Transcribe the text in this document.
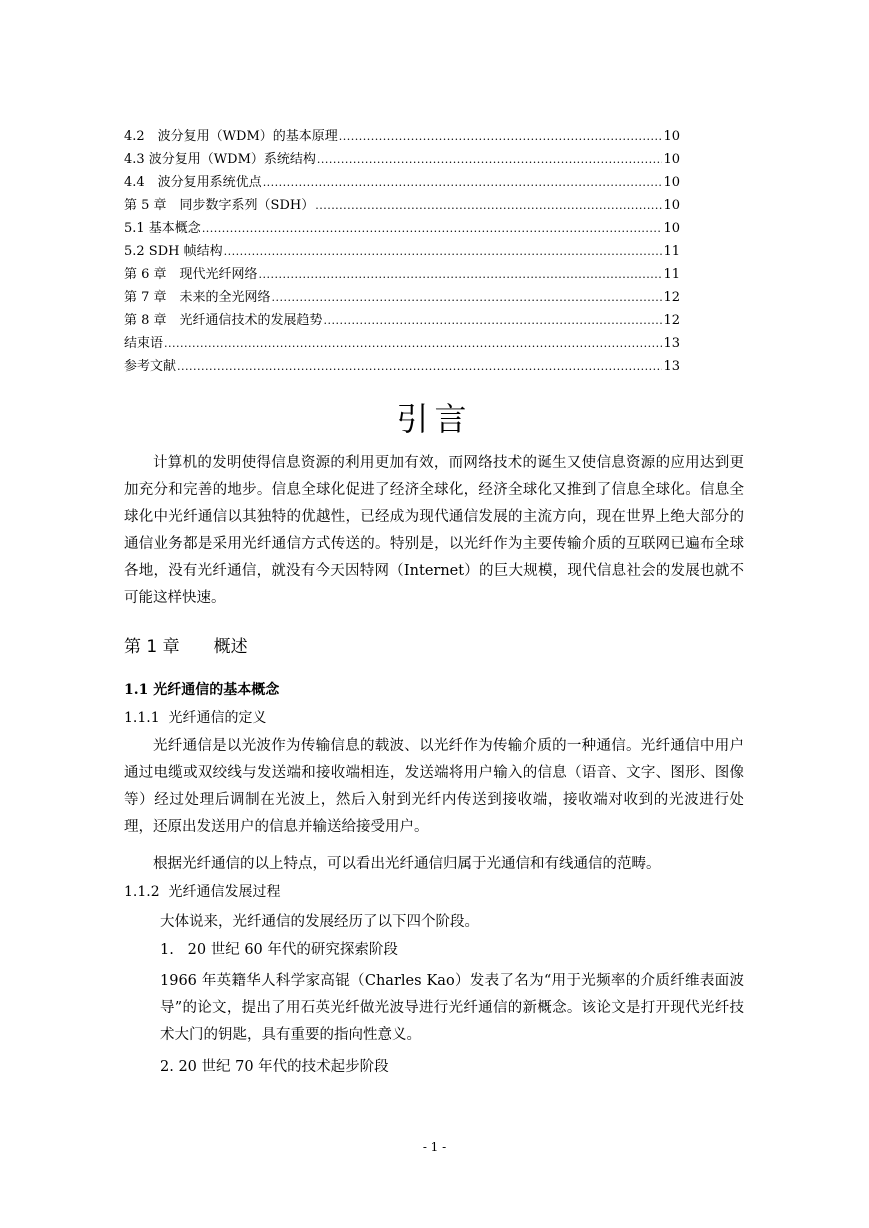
4.2　波分复用（WDM）的基本原理 .....	10
4.3 波分复用（WDM）系统结构 .....	10
4.4　波分复用系统优点 .....	10
第 5 章　同步数字系列（SDH） .....	10
5.1 基本概念 .....	10
5.2 SDH 帧结构 .....	11
第 6 章　现代光纤网络 .....	11
第 7 章　未来的全光网络 .....	12
第 8 章　光纤通信技术的发展趋势 .....	12
结束语 .....	13
参考文献 .....	13
引言
计算机的发明使得信息资源的利用更加有效，而网络技术的诞生又使信息资源的应用达到更加充分和完善的地步。信息全球化促进了经济全球化，经济全球化又推到了信息全球化。信息全球化中光纤通信以其独特的优越性，已经成为现代通信发展的主流方向，现在世界上绝大部分的通信业务都是采用光纤通信方式传送的。特别是，以光纤作为主要传输介质的互联网已遍布全球各地，没有光纤通信，就没有今天因特网（Internet）的巨大规模，现代信息社会的发展也就不可能这样快速。
第 1 章　　概述
1.1 光纤通信的基本概念
1.1.1  光纤通信的定义
光纤通信是以光波作为传输信息的载波、以光纤作为传输介质的一种通信。光纤通信中用户通过电缆或双绞线与发送端和接收端相连，发送端将用户输入的信息（语音、文字、图形、图像等）经过处理后调制在光波上，然后入射到光纤内传送到接收端，接收端对收到的光波进行处理，还原出发送用户的信息并输送给接受用户。
根据光纤通信的以上特点，可以看出光纤通信归属于光通信和有线通信的范畴。
1.1.2  光纤通信发展过程
大体说来，光纤通信的发展经历了以下四个阶段。
1.   20 世纪 60 年代的研究探索阶段
1966 年英籍华人科学家高锟（Charles Kao）发表了名为“用于光频率的介质纤维表面波导”的论文，提出了用石英光纤做光波导进行光纤通信的新概念。该论文是打开现代光纤技术大门的钥匙，具有重要的指向性意义。
2. 20 世纪 70 年代的技术起步阶段
- 1 -
